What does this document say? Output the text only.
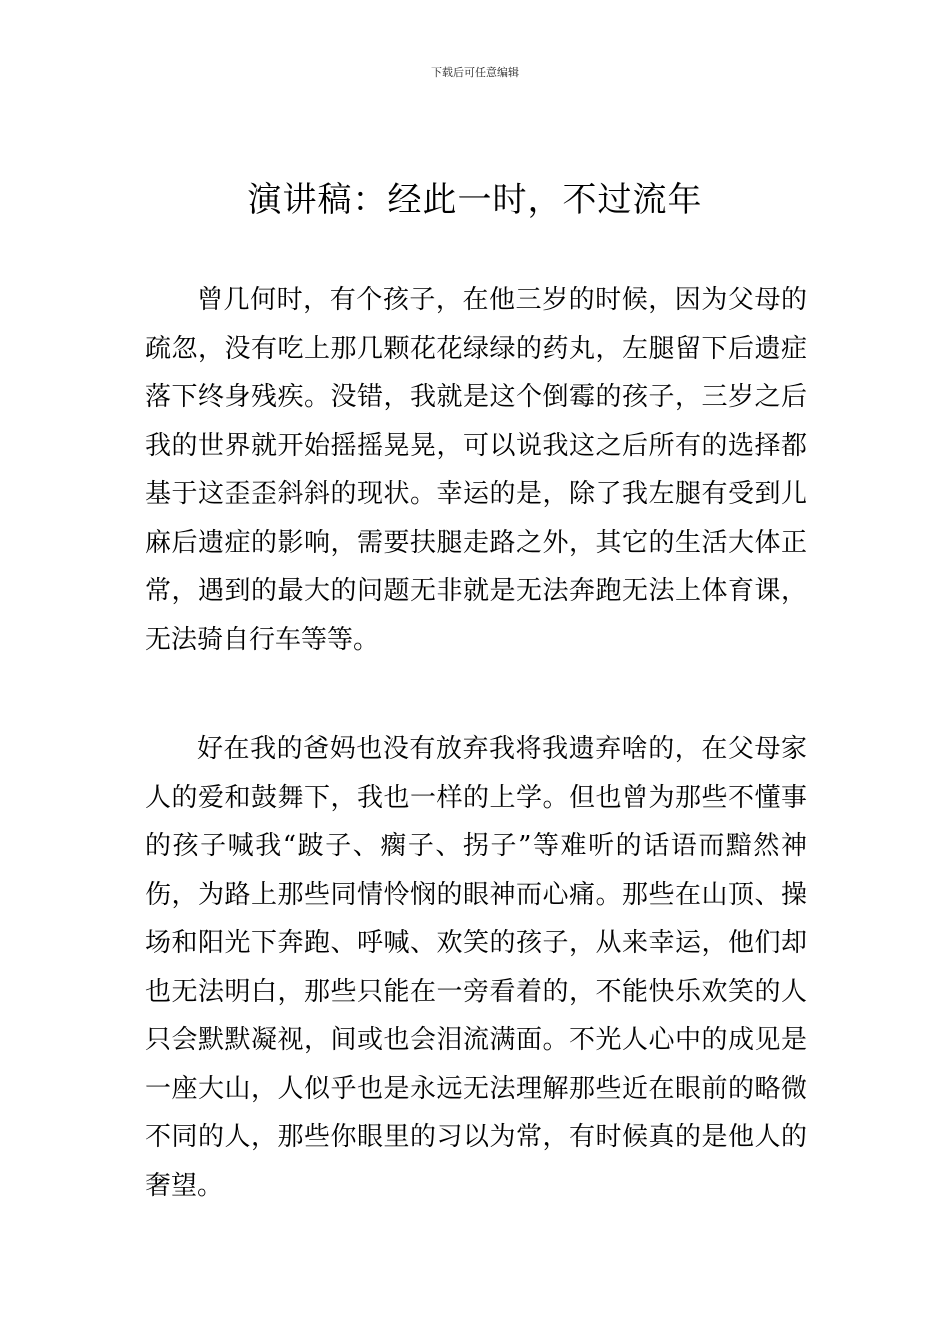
下载后可任意编辑
演讲稿：经此一时，不过流年

曾几何时，有个孩子，在他三岁的时候，因为父母的疏忽，没有吃上那几颗花花绿绿的药丸，左腿留下后遗症落下终身残疾。没错，我就是这个倒霉的孩子，三岁之后我的世界就开始摇摇晃晃，可以说我这之后所有的选择都基于这歪歪斜斜的现状。幸运的是，除了我左腿有受到儿麻后遗症的影响，需要扶腿走路之外，其它的生活大体正常，遇到的最大的问题无非就是无法奔跑无法上体育课，无法骑自行车等等。

好在我的爸妈也没有放弃我将我遗弃啥的，在父母家人的爱和鼓舞下，我也一样的上学。但也曾为那些不懂事的孩子喊我“跛子、瘸子、拐子”等难听的话语而黯然神伤，为路上那些同情怜悯的眼神而心痛。那些在山顶、操场和阳光下奔跑、呼喊、欢笑的孩子，从来幸运，他们却也无法明白，那些只能在一旁看着的，不能快乐欢笑的人只会默默凝视，间或也会泪流满面。不光人心中的成见是一座大山，人似乎也是永远无法理解那些近在眼前的略微不同的人，那些你眼里的习以为常，有时候真的是他人的奢望。
